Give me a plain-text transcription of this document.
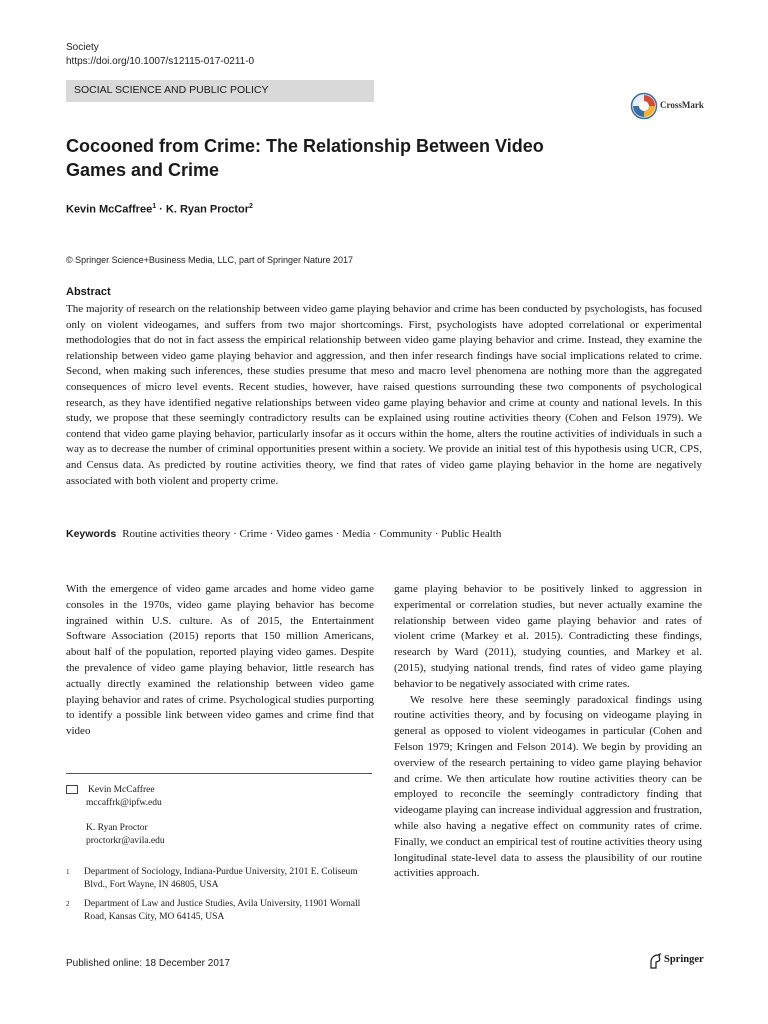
Society
https://doi.org/10.1007/s12115-017-0211-0
SOCIAL SCIENCE AND PUBLIC POLICY
CrossMark
Cocooned from Crime: The Relationship Between Video
Games and Crime
Kevin McCaffree$^1$ · K. Ryan Proctor$^2$
© Springer Science+Business Media, LLC, part of Springer Nature 2017
Abstract
The majority of research on the relationship between video game playing behavior and crime has been conducted by psychologists, has focused only on violent videogames, and suffers from two major shortcomings. First, psychologists have adopted correlational or experimental methodologies that do not in fact assess the empirical relationship between video game playing behavior and crime. Instead, they examine the relationship between video game playing behavior and aggression, and then infer research findings have social implications related to crime. Second, when making such inferences, these studies presume that meso and macro level phenomena are nothing more than the aggregated consequences of micro level events. Recent studies, however, have raised questions surrounding these two components of psychological research, as they have identified negative relationships between video game playing behavior and crime at county and national levels. In this study, we propose that these seemingly contradictory results can be explained using routine activities theory (Cohen and Felson 1979). We contend that video game playing behavior, particularly insofar as it occurs within the home, alters the routine activities of individuals in such a way as to decrease the number of criminal opportunities present within a society. We provide an initial test of this hypothesis using UCR, CPS, and Census data. As predicted by routine activities theory, we find that rates of video game playing behavior in the home are negatively associated with both violent and property crime.
Keywords Routine activities theory · Crime · Video games · Media · Community · Public Health

With the emergence of video game arcades and home video game consoles in the 1970s, video game playing behavior has become ingrained within U.S. culture. As of 2015, the Entertainment Software Association (2015) reports that 150 million Americans, about half of the population, reported playing video games. Despite the prevalence of video game playing behavior, little research has actually directly examined the relationship between video game playing behavior and rates of crime. Psychological studies purporting to identify a possible link between video games and crime find that video

game playing behavior to be positively linked to aggression in experimental or correlation studies, but never actually examine the relationship between video game playing behavior and rates of violent crime (Markey et al. 2015). Contradicting these findings, research by Ward (2011), studying counties, and Markey et al. (2015), studying national trends, find rates of video game playing behavior to be negatively associated with crime rates.

We resolve here these seemingly paradoxical findings using routine activities theory, and by focusing on videogame playing in general as opposed to violent videogames in particular (Cohen and Felson 1979; Kringen and Felson 2014). We begin by providing an overview of the research pertaining to video game playing behavior and crime. We then articulate how routine activities theory can be employed to reconcile the seemingly contradictory finding that videogame playing can increase individual aggression and frustration, while also having a negative effect on community rates of crime. Finally, we conduct an empirical test of routine activities theory using longitudinal state-level data to assess the plausibility of our routine activities approach.

Kevin McCaffree
mccaffrk@ipfw.edu
K. Ryan Proctor
proctorkr@avila.edu
1 Department of Sociology, Indiana-Purdue University, 2101 E. Coliseum Blvd., Fort Wayne, IN 46805, USA
2 Department of Law and Justice Studies, Avila University, 11901 Wornall Road, Kansas City, MO 64145, USA
Published online: 18 December 2017	Springer
